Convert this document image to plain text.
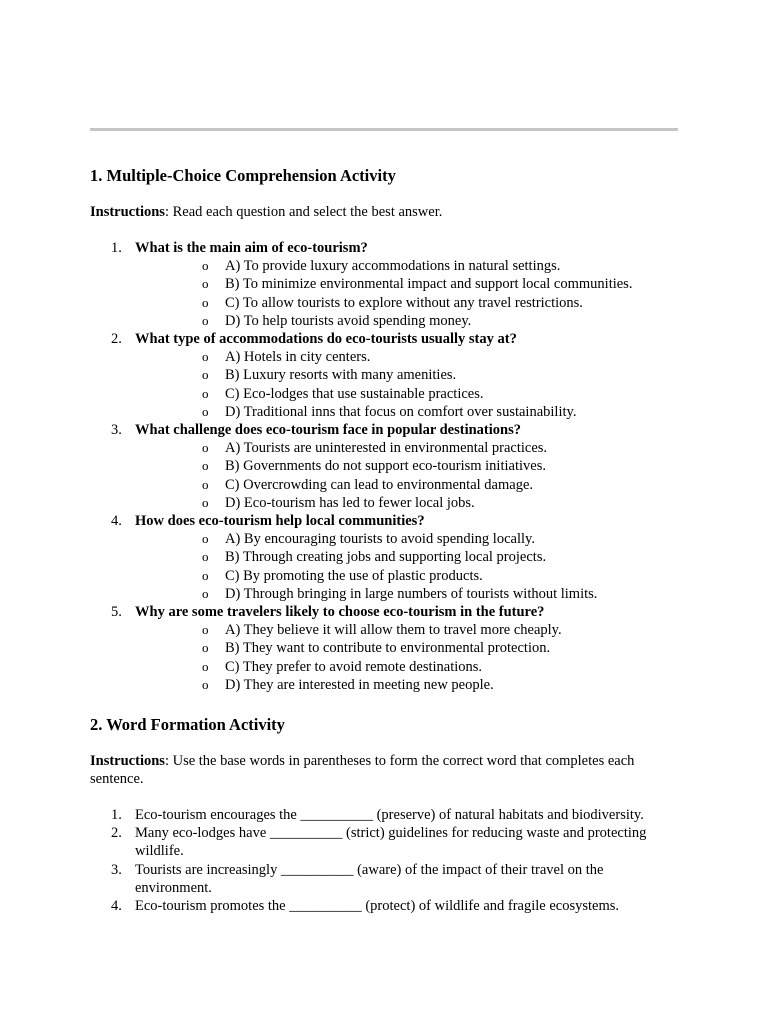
1. Multiple-Choice Comprehension Activity

Instructions: Read each question and select the best answer.

1. What is the main aim of eco-tourism?
o A) To provide luxury accommodations in natural settings.
o B) To minimize environmental impact and support local communities.
o C) To allow tourists to explore without any travel restrictions.
o D) To help tourists avoid spending money.
2. What type of accommodations do eco-tourists usually stay at?
o A) Hotels in city centers.
o B) Luxury resorts with many amenities.
o C) Eco-lodges that use sustainable practices.
o D) Traditional inns that focus on comfort over sustainability.
3. What challenge does eco-tourism face in popular destinations?
o A) Tourists are uninterested in environmental practices.
o B) Governments do not support eco-tourism initiatives.
o C) Overcrowding can lead to environmental damage.
o D) Eco-tourism has led to fewer local jobs.
4. How does eco-tourism help local communities?
o A) By encouraging tourists to avoid spending locally.
o B) Through creating jobs and supporting local projects.
o C) By promoting the use of plastic products.
o D) Through bringing in large numbers of tourists without limits.
5. Why are some travelers likely to choose eco-tourism in the future?
o A) They believe it will allow them to travel more cheaply.
o B) They want to contribute to environmental protection.
o C) They prefer to avoid remote destinations.
o D) They are interested in meeting new people.
2. Word Formation Activity

Instructions: Use the base words in parentheses to form the correct word that completes each sentence.

1. Eco-tourism encourages the __________ (preserve) of natural habitats and biodiversity.
2. Many eco-lodges have __________ (strict) guidelines for reducing waste and protecting wildlife.
3. Tourists are increasingly __________ (aware) of the impact of their travel on the environment.
4. Eco-tourism promotes the __________ (protect) of wildlife and fragile ecosystems.
